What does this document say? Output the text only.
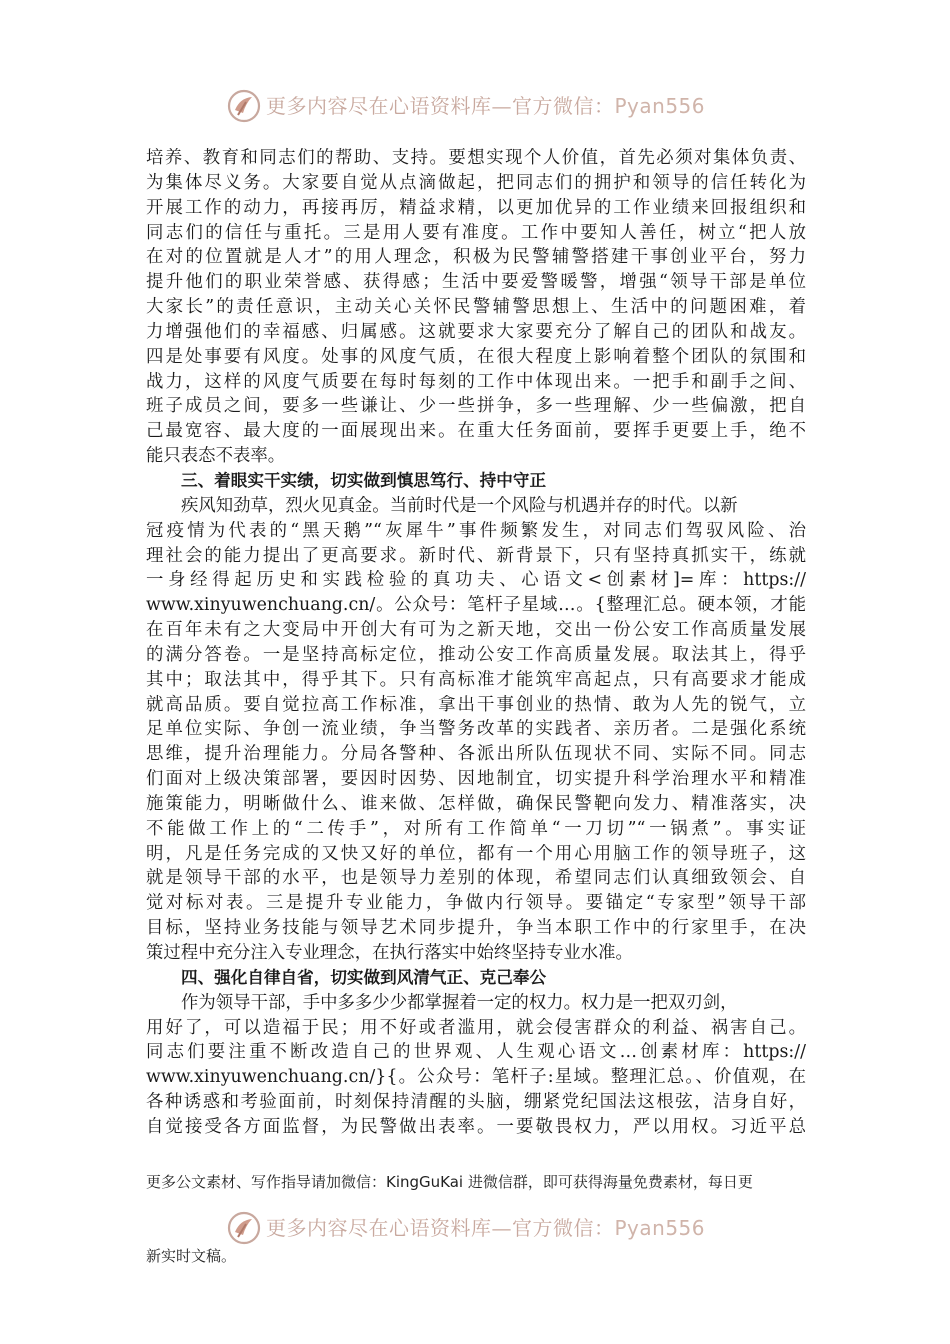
更多内容尽在心语资料库—官方微信：Pyan556
培养、教育和同志们的帮助、支持。要想实现个人价值，首先必须对集体负责、
为集体尽义务。大家要自觉从点滴做起，把同志们的拥护和领导的信任转化为
开展工作的动力，再接再厉，精益求精，以更加优异的工作业绩来回报组织和
同志们的信任与重托。三是用人要有准度。工作中要知人善任，树立“把人放
在对的位置就是人才”的用人理念，积极为民警辅警搭建干事创业平台，努力
提升他们的职业荣誉感、获得感；生活中要爱警暖警，增强“领导干部是单位
大家长”的责任意识，主动关心关怀民警辅警思想上、生活中的问题困难，着
力增强他们的幸福感、归属感。这就要求大家要充分了解自己的团队和战友。
四是处事要有风度。处事的风度气质，在很大程度上影响着整个团队的氛围和
战力，这样的风度气质要在每时每刻的工作中体现出来。一把手和副手之间、
班子成员之间，要多一些谦让、少一些拼争，多一些理解、少一些偏激，把自
己最宽容、最大度的一面展现出来。在重大任务面前，要挥手更要上手，绝不
能只表态不表率。
三、着眼实干实绩，切实做到慎思笃行、持中守正
疾风知劲草，烈火见真金。当前时代是一个风险与机遇并存的时代。以新
冠疫情为代表的“黑天鹅”“灰犀牛”事件频繁发生，对同志们驾驭风险、治
理社会的能力提出了更高要求。新时代、新背景下，只有坚持真抓实干，练就
一身经得起历史和实践检验的真功夫、心语文<创素材]=库：https://
www.xinyuwenchuang.cn/。公众号：笔杆子星域…。{整理汇总。硬本领，才能
在百年未有之大变局中开创大有可为之新天地，交出一份公安工作高质量发展
的满分答卷。一是坚持高标定位，推动公安工作高质量发展。取法其上，得乎
其中；取法其中，得乎其下。只有高标准才能筑牢高起点，只有高要求才能成
就高品质。要自觉拉高工作标准，拿出干事创业的热情、敢为人先的锐气，立
足单位实际、争创一流业绩，争当警务改革的实践者、亲历者。二是强化系统
思维，提升治理能力。分局各警种、各派出所队伍现状不同、实际不同。同志
们面对上级决策部署，要因时因势、因地制宜，切实提升科学治理水平和精准
施策能力，明晰做什么、谁来做、怎样做，确保民警靶向发力、精准落实，决
不能做工作上的“二传手”，对所有工作简单“一刀切”“一锅煮”。事实证
明，凡是任务完成的又快又好的单位，都有一个用心用脑工作的领导班子，这
就是领导干部的水平，也是领导力差别的体现，希望同志们认真细致领会、自
觉对标对表。三是提升专业能力，争做内行领导。要锚定“专家型”领导干部
目标，坚持业务技能与领导艺术同步提升，争当本职工作中的行家里手，在决
策过程中充分注入专业理念，在执行落实中始终坚持专业水准。
四、强化自律自省，切实做到风清气正、克己奉公
作为领导干部，手中多多少少都掌握着一定的权力。权力是一把双刃剑，
用好了，可以造福于民；用不好或者滥用，就会侵害群众的利益、祸害自己。
同志们要注重不断改造自己的世界观、人生观心语文…创素材库：https://
www.xinyuwenchuang.cn/}{。公众号：笔杆子:星域。整理汇总。、价值观，在
各种诱惑和考验面前，时刻保持清醒的头脑，绷紧党纪国法这根弦，洁身自好，
自觉接受各方面监督，为民警做出表率。一要敬畏权力，严以用权。习近平总
更多公文素材、写作指导请加微信：KingGuKai 进微信群，即可获得海量免费素材，每日更
更多内容尽在心语资料库—官方微信：Pyan556
新实时文稿。
